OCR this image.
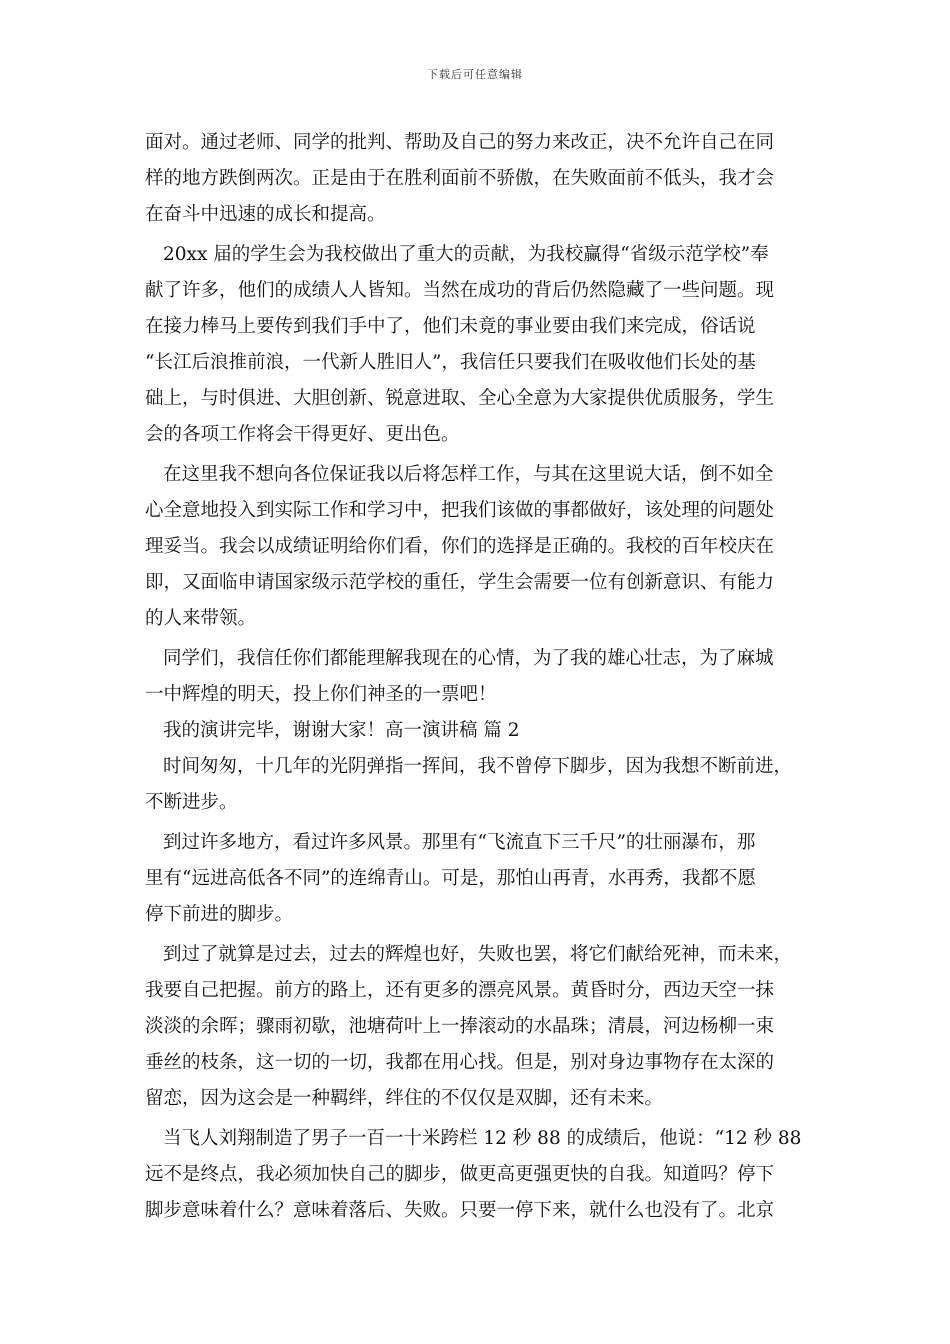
下载后可任意编辑
面对。通过老师、同学的批判、帮助及自己的努力来改正，决不允许自己在同
样的地方跌倒两次。正是由于在胜利面前不骄傲，在失败面前不低头，我才会
在奋斗中迅速的成长和提高。
20xx 届的学生会为我校做出了重大的贡献，为我校赢得“省级示范学校”奉
献了许多，他们的成绩人人皆知。当然在成功的背后仍然隐藏了一些问题。现
在接力棒马上要传到我们手中了，他们未竟的事业要由我们来完成，俗话说
“长江后浪推前浪，一代新人胜旧人”，我信任只要我们在吸收他们长处的基
础上，与时俱进、大胆创新、锐意进取、全心全意为大家提供优质服务，学生
会的各项工作将会干得更好、更出色。
在这里我不想向各位保证我以后将怎样工作，与其在这里说大话，倒不如全
心全意地投入到实际工作和学习中，把我们该做的事都做好，该处理的问题处
理妥当。我会以成绩证明给你们看，你们的选择是正确的。我校的百年校庆在
即，又面临申请国家级示范学校的重任，学生会需要一位有创新意识、有能力
的人来带领。
同学们，我信任你们都能理解我现在的心情，为了我的雄心壮志，为了麻城
一中辉煌的明天，投上你们神圣的一票吧！
我的演讲完毕，谢谢大家！高一演讲稿 篇 2
时间匆匆，十几年的光阴弹指一挥间，我不曾停下脚步，因为我想不断前进，
不断进步。
到过许多地方，看过许多风景。那里有“飞流直下三千尺”的壮丽瀑布，那
里有“远进高低各不同”的连绵青山。可是，那怕山再青，水再秀，我都不愿
停下前进的脚步。
到过了就算是过去，过去的辉煌也好，失败也罢，将它们献给死神，而未来，
我要自己把握。前方的路上，还有更多的漂亮风景。黄昏时分，西边天空一抹
淡淡的余晖；骤雨初歇，池塘荷叶上一捧滚动的水晶珠；清晨，河边杨柳一束
垂丝的枝条，这一切的一切，我都在用心找。但是，别对身边事物存在太深的
留恋，因为这会是一种羁绊，绊住的不仅仅是双脚，还有未来。
当飞人刘翔制造了男子一百一十米跨栏 12 秒 88 的成绩后，他说：“12 秒 88
远不是终点，我必须加快自己的脚步，做更高更强更快的自我。知道吗？停下
脚步意味着什么？意味着落后、失败。只要一停下来，就什么也没有了。北京
